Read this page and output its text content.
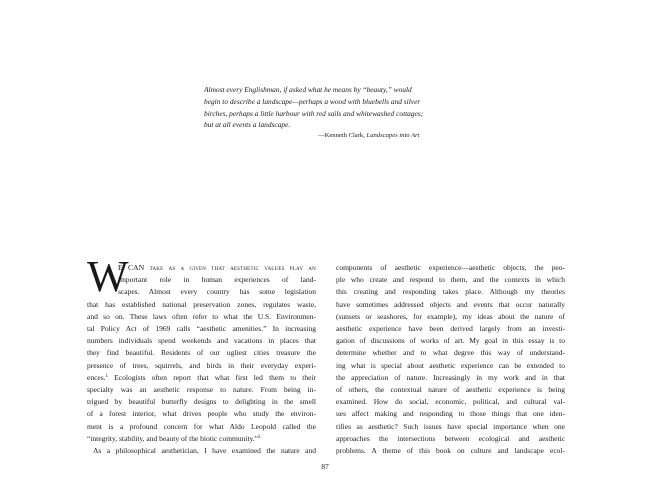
Almost every Englishman, if asked what he means by “beauty,” would
begin to describe a landscape—perhaps a wood with bluebells and silver
birches, perhaps a little harbour with red sails and whitewashed cottages;
but at all events a landscape.
—Kenneth Clark, Landscapes into Art
W
E CAN take as a given that aesthetic values play an
important role in human experiences of land-
scapes. Almost every country has some legislation
that has established national preservation zones, regulates waste,
and so on. These laws often refer to what the U.S. Environmen-
tal Policy Act of 1969 calls “aesthetic amenities.” In increasing
numbers individuals spend weekends and vacations in places that
they find beautiful. Residents of our ugliest cities treasure the
presence of trees, squirrels, and birds in their everyday experi-
ences.$^1$ Ecologists often report that what first led them to their
specialty was an aesthetic response to nature. From being in-
trigued by beautiful butterfly designs to delighting in the smell
of a forest interior, what drives people who study the environ-
ment is a profound concern for what Aldo Leopold called the
“integrity, stability, and beauty of the biotic community.”$^2$
As a philosophical aesthetician, I have examined the nature and
components of aesthetic experience—aesthetic objects, the peo-
ple who create and respond to them, and the contexts in which
this creating and responding takes place. Although my theories
have sometimes addressed objects and events that occur naturally
(sunsets or seashores, for example), my ideas about the nature of
aesthetic experience have been derived largely from an investi-
gation of discussions of works of art. My goal in this essay is to
determine whether and to what degree this way of understand-
ing what is special about aesthetic experience can be extended to
the appreciation of nature. Increasingly in my work and in that
of others, the contextual nature of aesthetic experience is being
examined. How do social, economic, political, and cultural val-
ues affect making and responding to those things that one iden-
tifies as aesthetic? Such issues have special importance when one
approaches the intersections between ecological and aesthetic
problems. A theme of this book on culture and landscape ecol-
87
